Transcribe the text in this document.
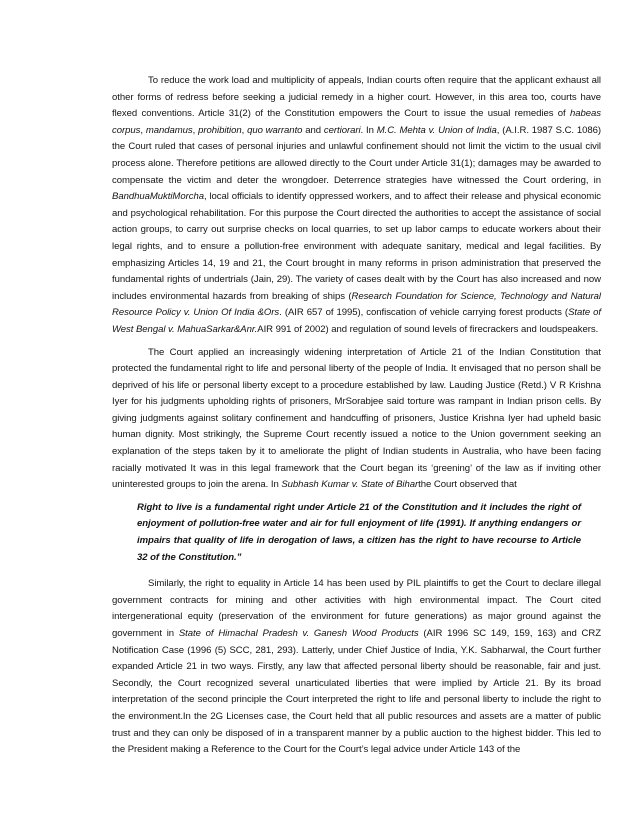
To reduce the work load and multiplicity of appeals, Indian courts often require that the applicant exhaust all other forms of redress before seeking a judicial remedy in a higher court. However, in this area too, courts have flexed conventions. Article 31(2) of the Constitution empowers the Court to issue the usual remedies of habeas corpus, mandamus, prohibition, quo warranto and certiorari. In M.C. Mehta v. Union of India, (A.I.R. 1987 S.C. 1086) the Court ruled that cases of personal injuries and unlawful confinement should not limit the victim to the usual civil process alone. Therefore petitions are allowed directly to the Court under Article 31(1); damages may be awarded to compensate the victim and deter the wrongdoer. Deterrence strategies have witnessed the Court ordering, in BandhuaMuktiMorcha, local officials to identify oppressed workers, and to affect their release and physical economic and psychological rehabilitation. For this purpose the Court directed the authorities to accept the assistance of social action groups, to carry out surprise checks on local quarries, to set up labor camps to educate workers about their legal rights, and to ensure a pollution-free environment with adequate sanitary, medical and legal facilities. By emphasizing Articles 14, 19 and 21, the Court brought in many reforms in prison administration that preserved the fundamental rights of undertrials (Jain, 29). The variety of cases dealt with by the Court has also increased and now includes environmental hazards from breaking of ships (Research Foundation for Science, Technology and Natural Resource Policy v. Union Of India &Ors. (AIR 657 of 1995), confiscation of vehicle carrying forest products (State of West Bengal v. MahuaSarkar&Anr.AIR 991 of 2002) and regulation of sound levels of firecrackers and loudspeakers.

The Court applied an increasingly widening interpretation of Article 21 of the Indian Constitution that protected the fundamental right to life and personal liberty of the people of India. It envisaged that no person shall be deprived of his life or personal liberty except to a procedure established by law. Lauding Justice (Retd.) V R Krishna Iyer for his judgments upholding rights of prisoners, MrSorabjee said torture was rampant in Indian prison cells. By giving judgments against solitary confinement and handcuffing of prisoners, Justice Krishna Iyer had upheld basic human dignity. Most strikingly, the Supreme Court recently issued a notice to the Union government seeking an explanation of the steps taken by it to ameliorate the plight of Indian students in Australia, who have been facing racially motivated It was in this legal framework that the Court began its ‘greening’ of the law as if inviting other uninterested groups to join the arena. In Subhash Kumar v. State of Biharthe Court observed that

Right to live is a fundamental right under Article 21 of the Constitution and it includes the right of enjoyment of pollution-free water and air for full enjoyment of life (1991). If anything endangers or impairs that quality of life in derogation of laws, a citizen has the right to have recourse to Article 32 of the Constitution.”

Similarly, the right to equality in Article 14 has been used by PIL plaintiffs to get the Court to declare illegal government contracts for mining and other activities with high environmental impact. The Court cited intergenerational equity (preservation of the environment for future generations) as major ground against the government in State of Himachal Pradesh v. Ganesh Wood Products (AIR 1996 SC 149, 159, 163) and CRZ Notification Case (1996 (5) SCC, 281, 293). Latterly, under Chief Justice of India, Y.K. Sabharwal, the Court further expanded Article 21 in two ways. Firstly, any law that affected personal liberty should be reasonable, fair and just. Secondly, the Court recognized several unarticulated liberties that were implied by Article 21. By its broad interpretation of the second principle the Court interpreted the right to life and personal liberty to include the right to the environment.In the 2G Licenses case, the Court held that all public resources and assets are a matter of public trust and they can only be disposed of in a transparent manner by a public auction to the highest bidder. This led to the President making a Reference to the Court for the Court’s legal advice under Article 143 of the
